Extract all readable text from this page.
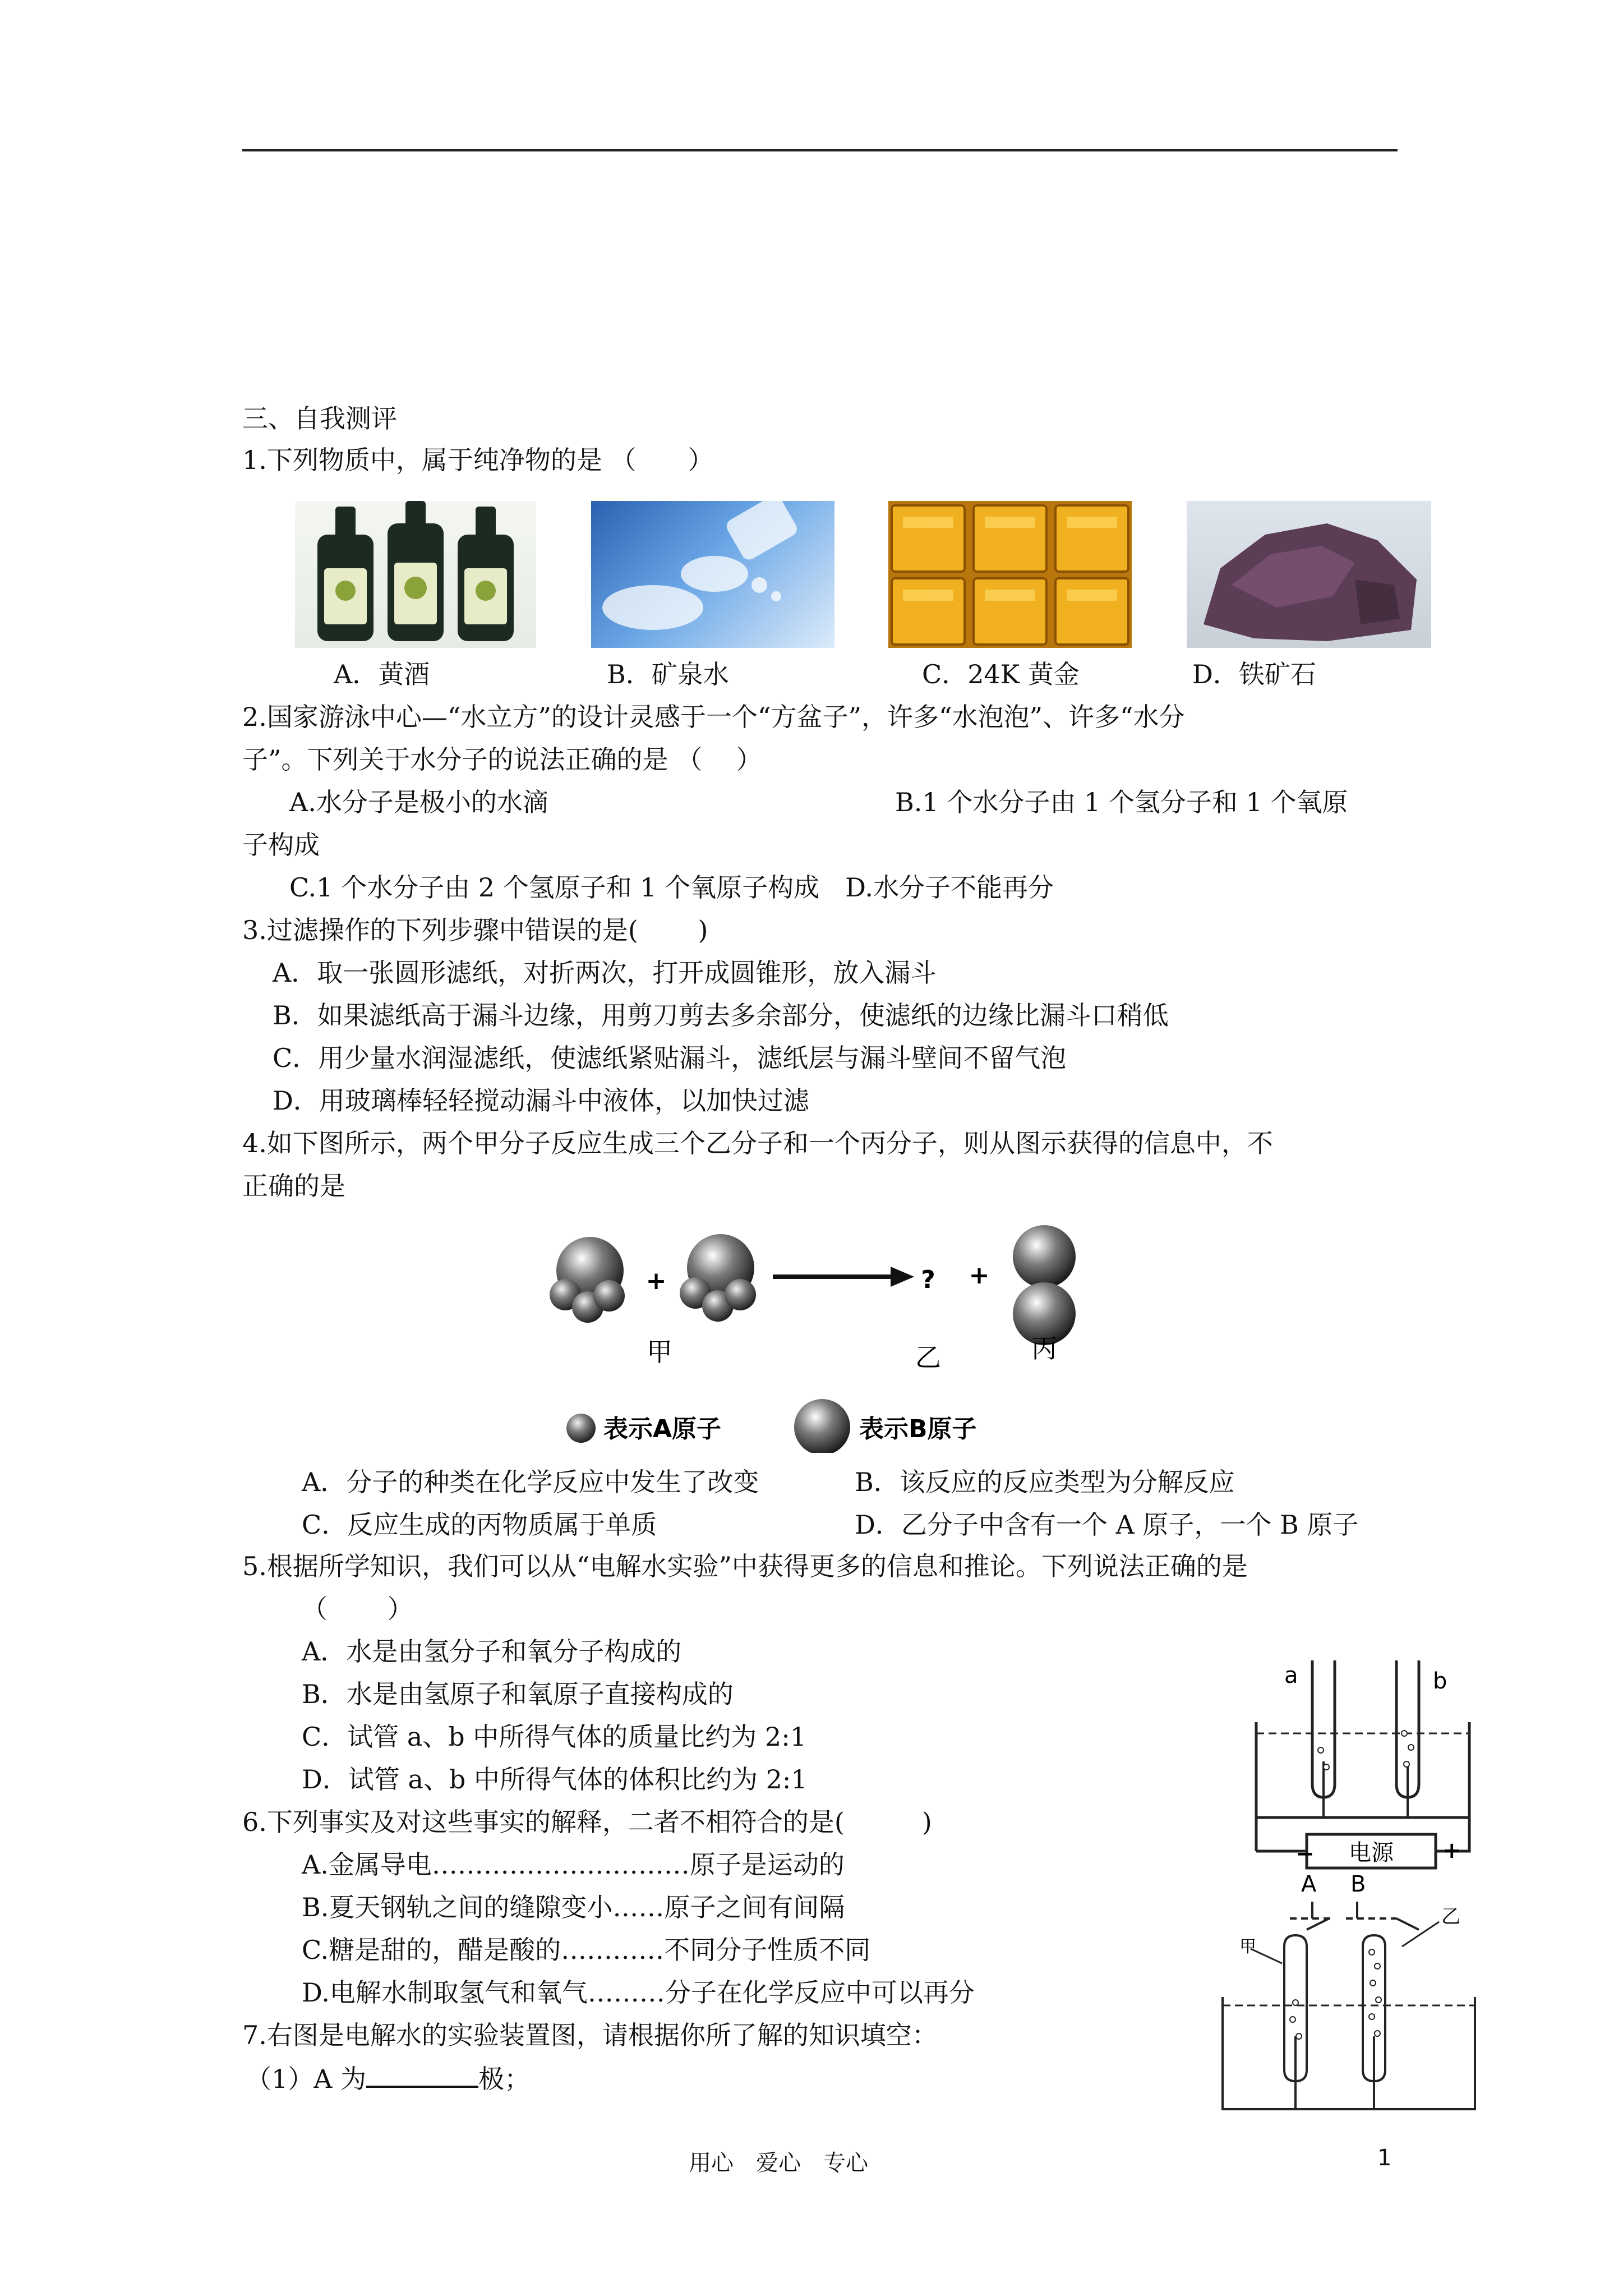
三、自我测评
1.下列物质中，属于纯净物的是 （　　）
A．黄酒	B．矿泉水	C．24K 黄金	D．铁矿石
2.国家游泳中心—“水立方”的设计灵感于一个“方盆子”，许多“水泡泡”、许多“水分
子”。下列关于水分子的说法正确的是 （　 ）
A.水分子是极小的水滴	B.1 个水分子由 1 个氢分子和 1 个氧原
子构成
C.1 个水分子由 2 个氢原子和 1 个氧原子构成　D.水分子不能再分
3.过滤操作的下列步骤中错误的是(　　 )
A．取一张圆形滤纸，对折两次，打开成圆锥形，放入漏斗
B．如果滤纸高于漏斗边缘，用剪刀剪去多余部分，使滤纸的边缘比漏斗口稍低
C．用少量水润湿滤纸，使滤纸紧贴漏斗，滤纸层与漏斗壁间不留气泡
D．用玻璃棒轻轻搅动漏斗中液体，以加快过滤
4.如下图所示，两个甲分子反应生成三个乙分子和一个丙分子，则从图示获得的信息中，不
正确的是
+	? +
甲	乙	丙
表示A原子	表示B原子
A．分子的种类在化学反应中发生了改变	B．该反应的反应类型为分解反应
C．反应生成的丙物质属于单质	D．乙分子中含有一个 A 原子，一个 B 原子
5.根据所学知识，我们可以从“电解水实验”中获得更多的信息和推论。下列说法正确的是
（　　 ）
A．水是由氢分子和氧分子构成的
B．水是由氢原子和氧原子直接构成的
C．试管 a、b 中所得气体的质量比约为 2:1
D．试管 a、b 中所得气体的体积比约为 2:1
a	b
电源
−	+
6.下列事实及对这些事实的解释，二者不相符合的是(　　　)
A.金属导电…………………………原子是运动的
B.夏天钢轨之间的缝隙变小……原子之间有间隔
C.糖是甜的，醋是酸的…………不同分子性质不同
D.电解水制取氢气和氧气………分子在化学反应中可以再分
A B
甲
乙
7.右图是电解水的实验装置图，请根据你所了解的知识填空：
（1）A 为	极；
用心　爱心　专心	1
